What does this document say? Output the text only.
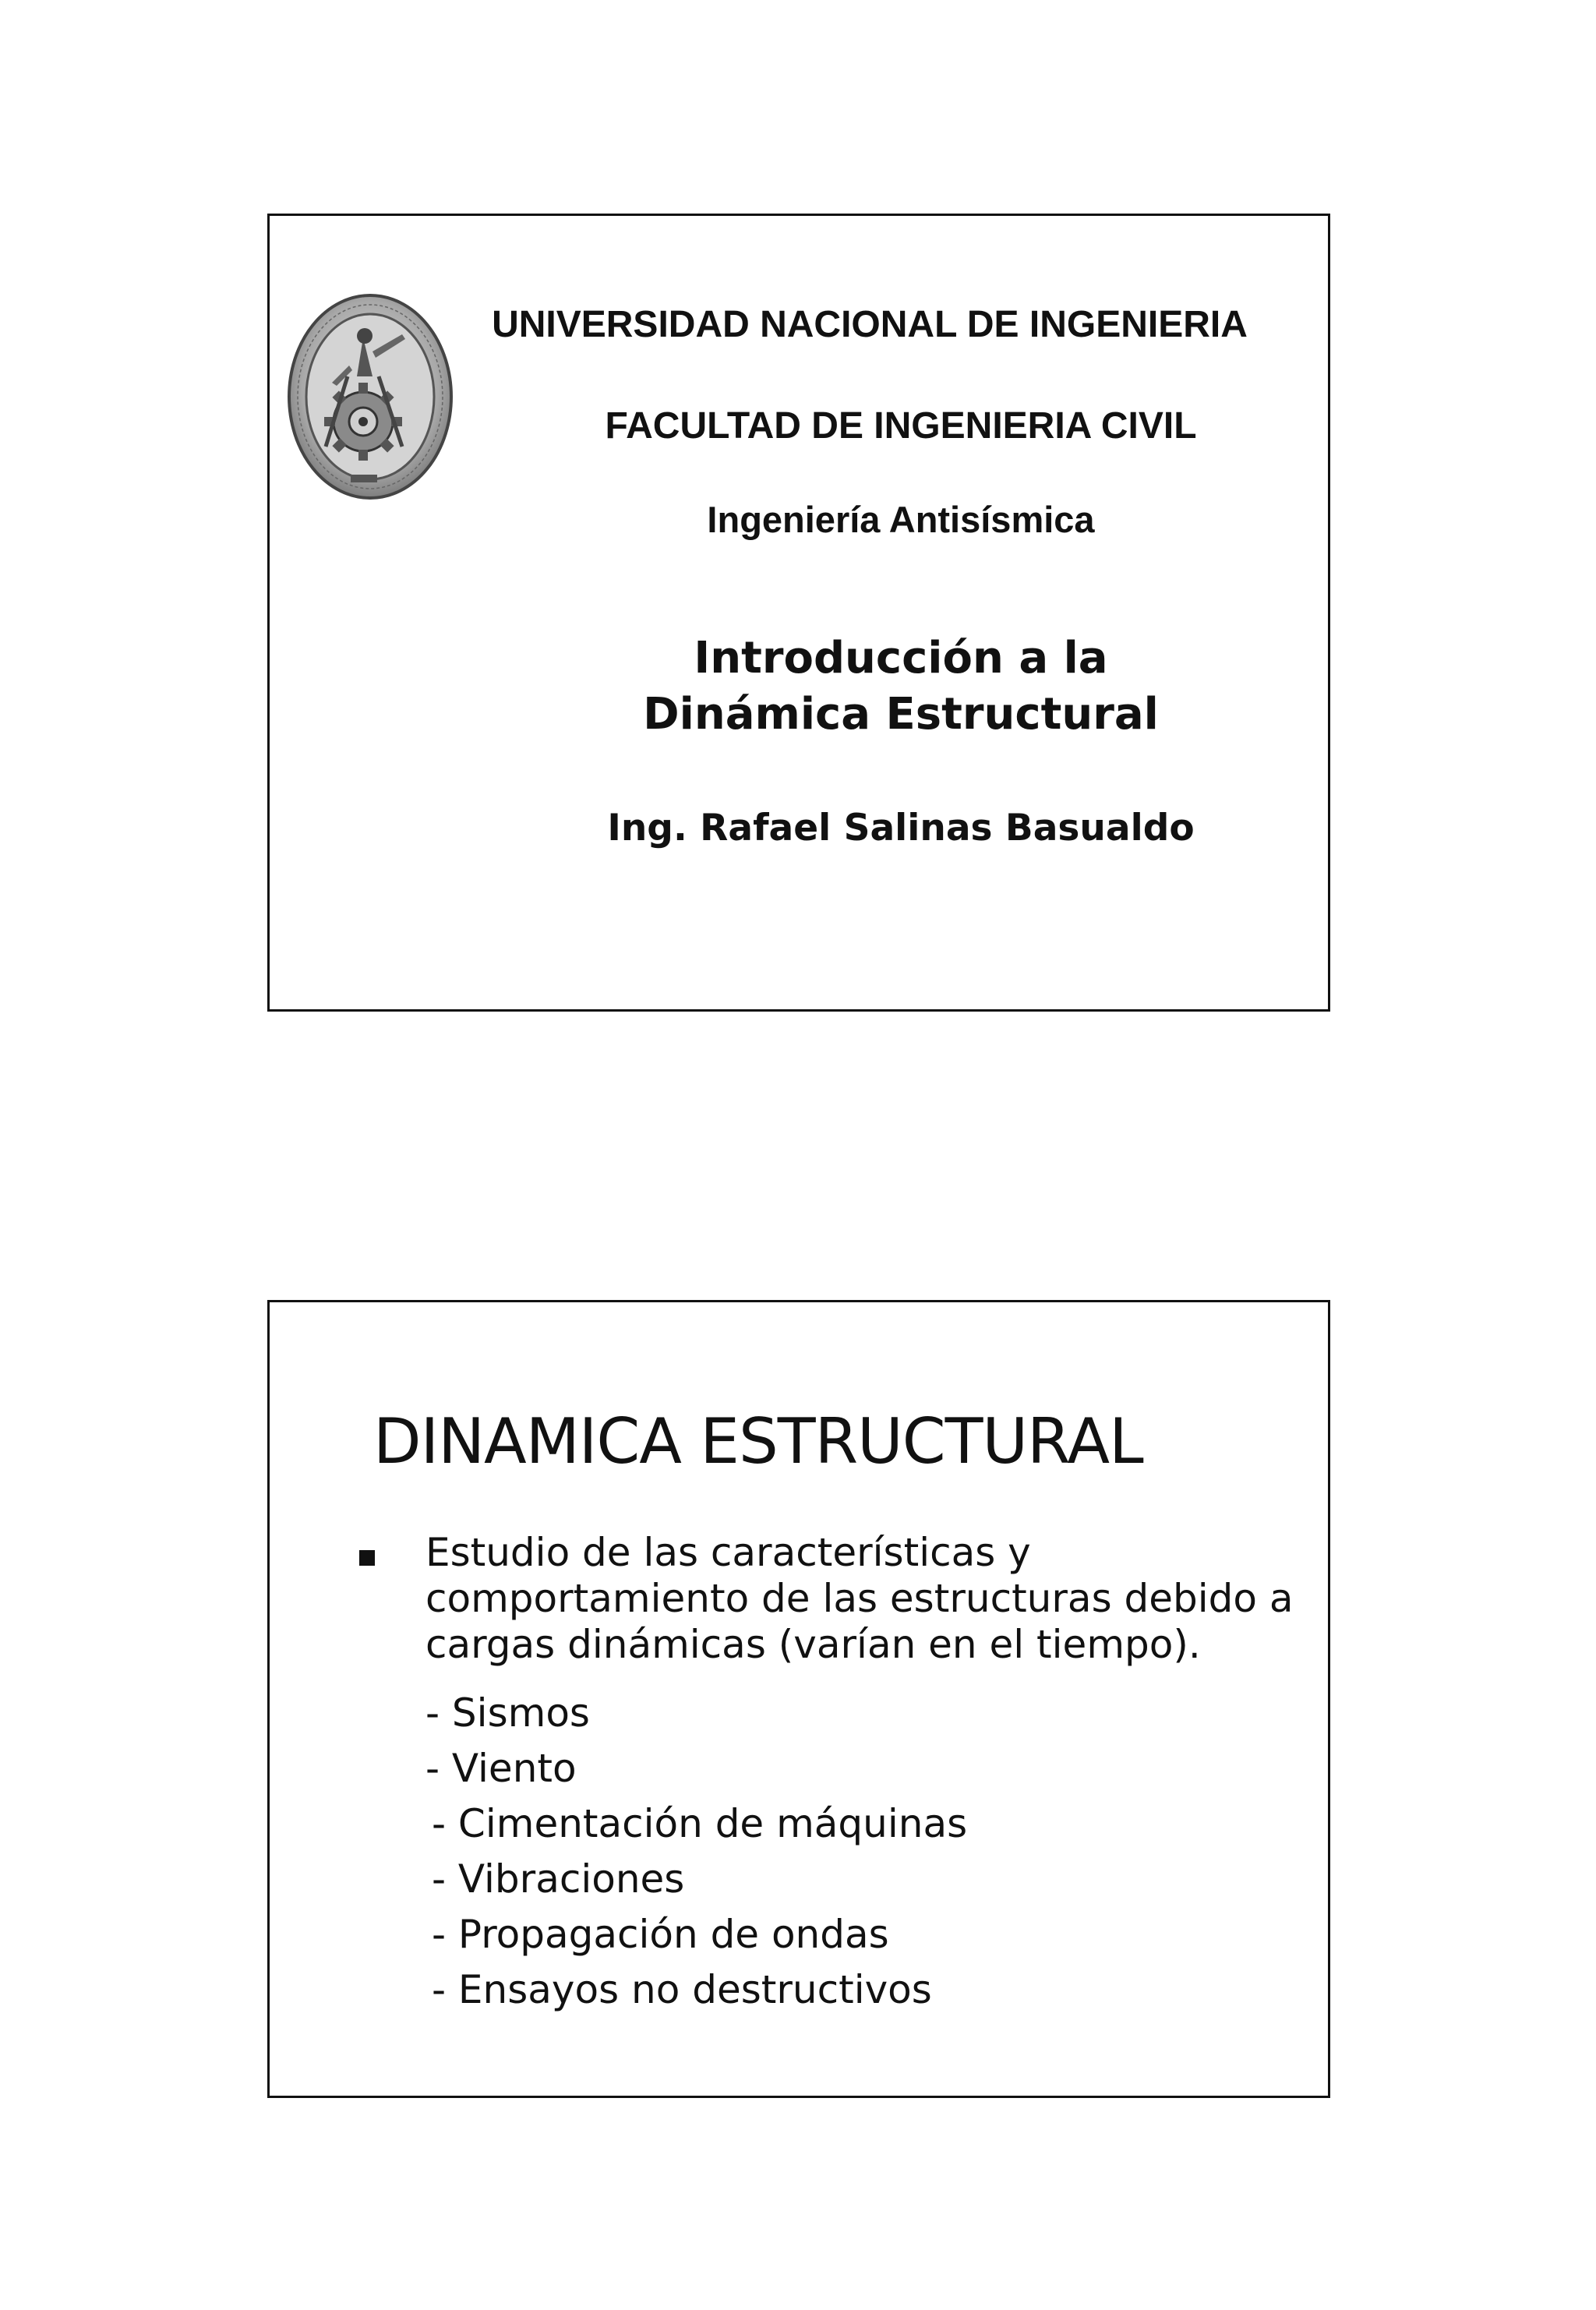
UNIVERSIDAD NACIONAL DE INGENIERIA
FACULTAD DE INGENIERIA CIVIL
Ingeniería Antisísmica
Introducción a la
Dinámica Estructural
Ing. Rafael Salinas Basualdo
DINAMICA ESTRUCTURAL
Estudio de las características y comportamiento de las estructuras debido a cargas dinámicas (varían en el tiempo).
- Sismos
- Viento
- Cimentación de máquinas
- Vibraciones
- Propagación de ondas
- Ensayos no destructivos
